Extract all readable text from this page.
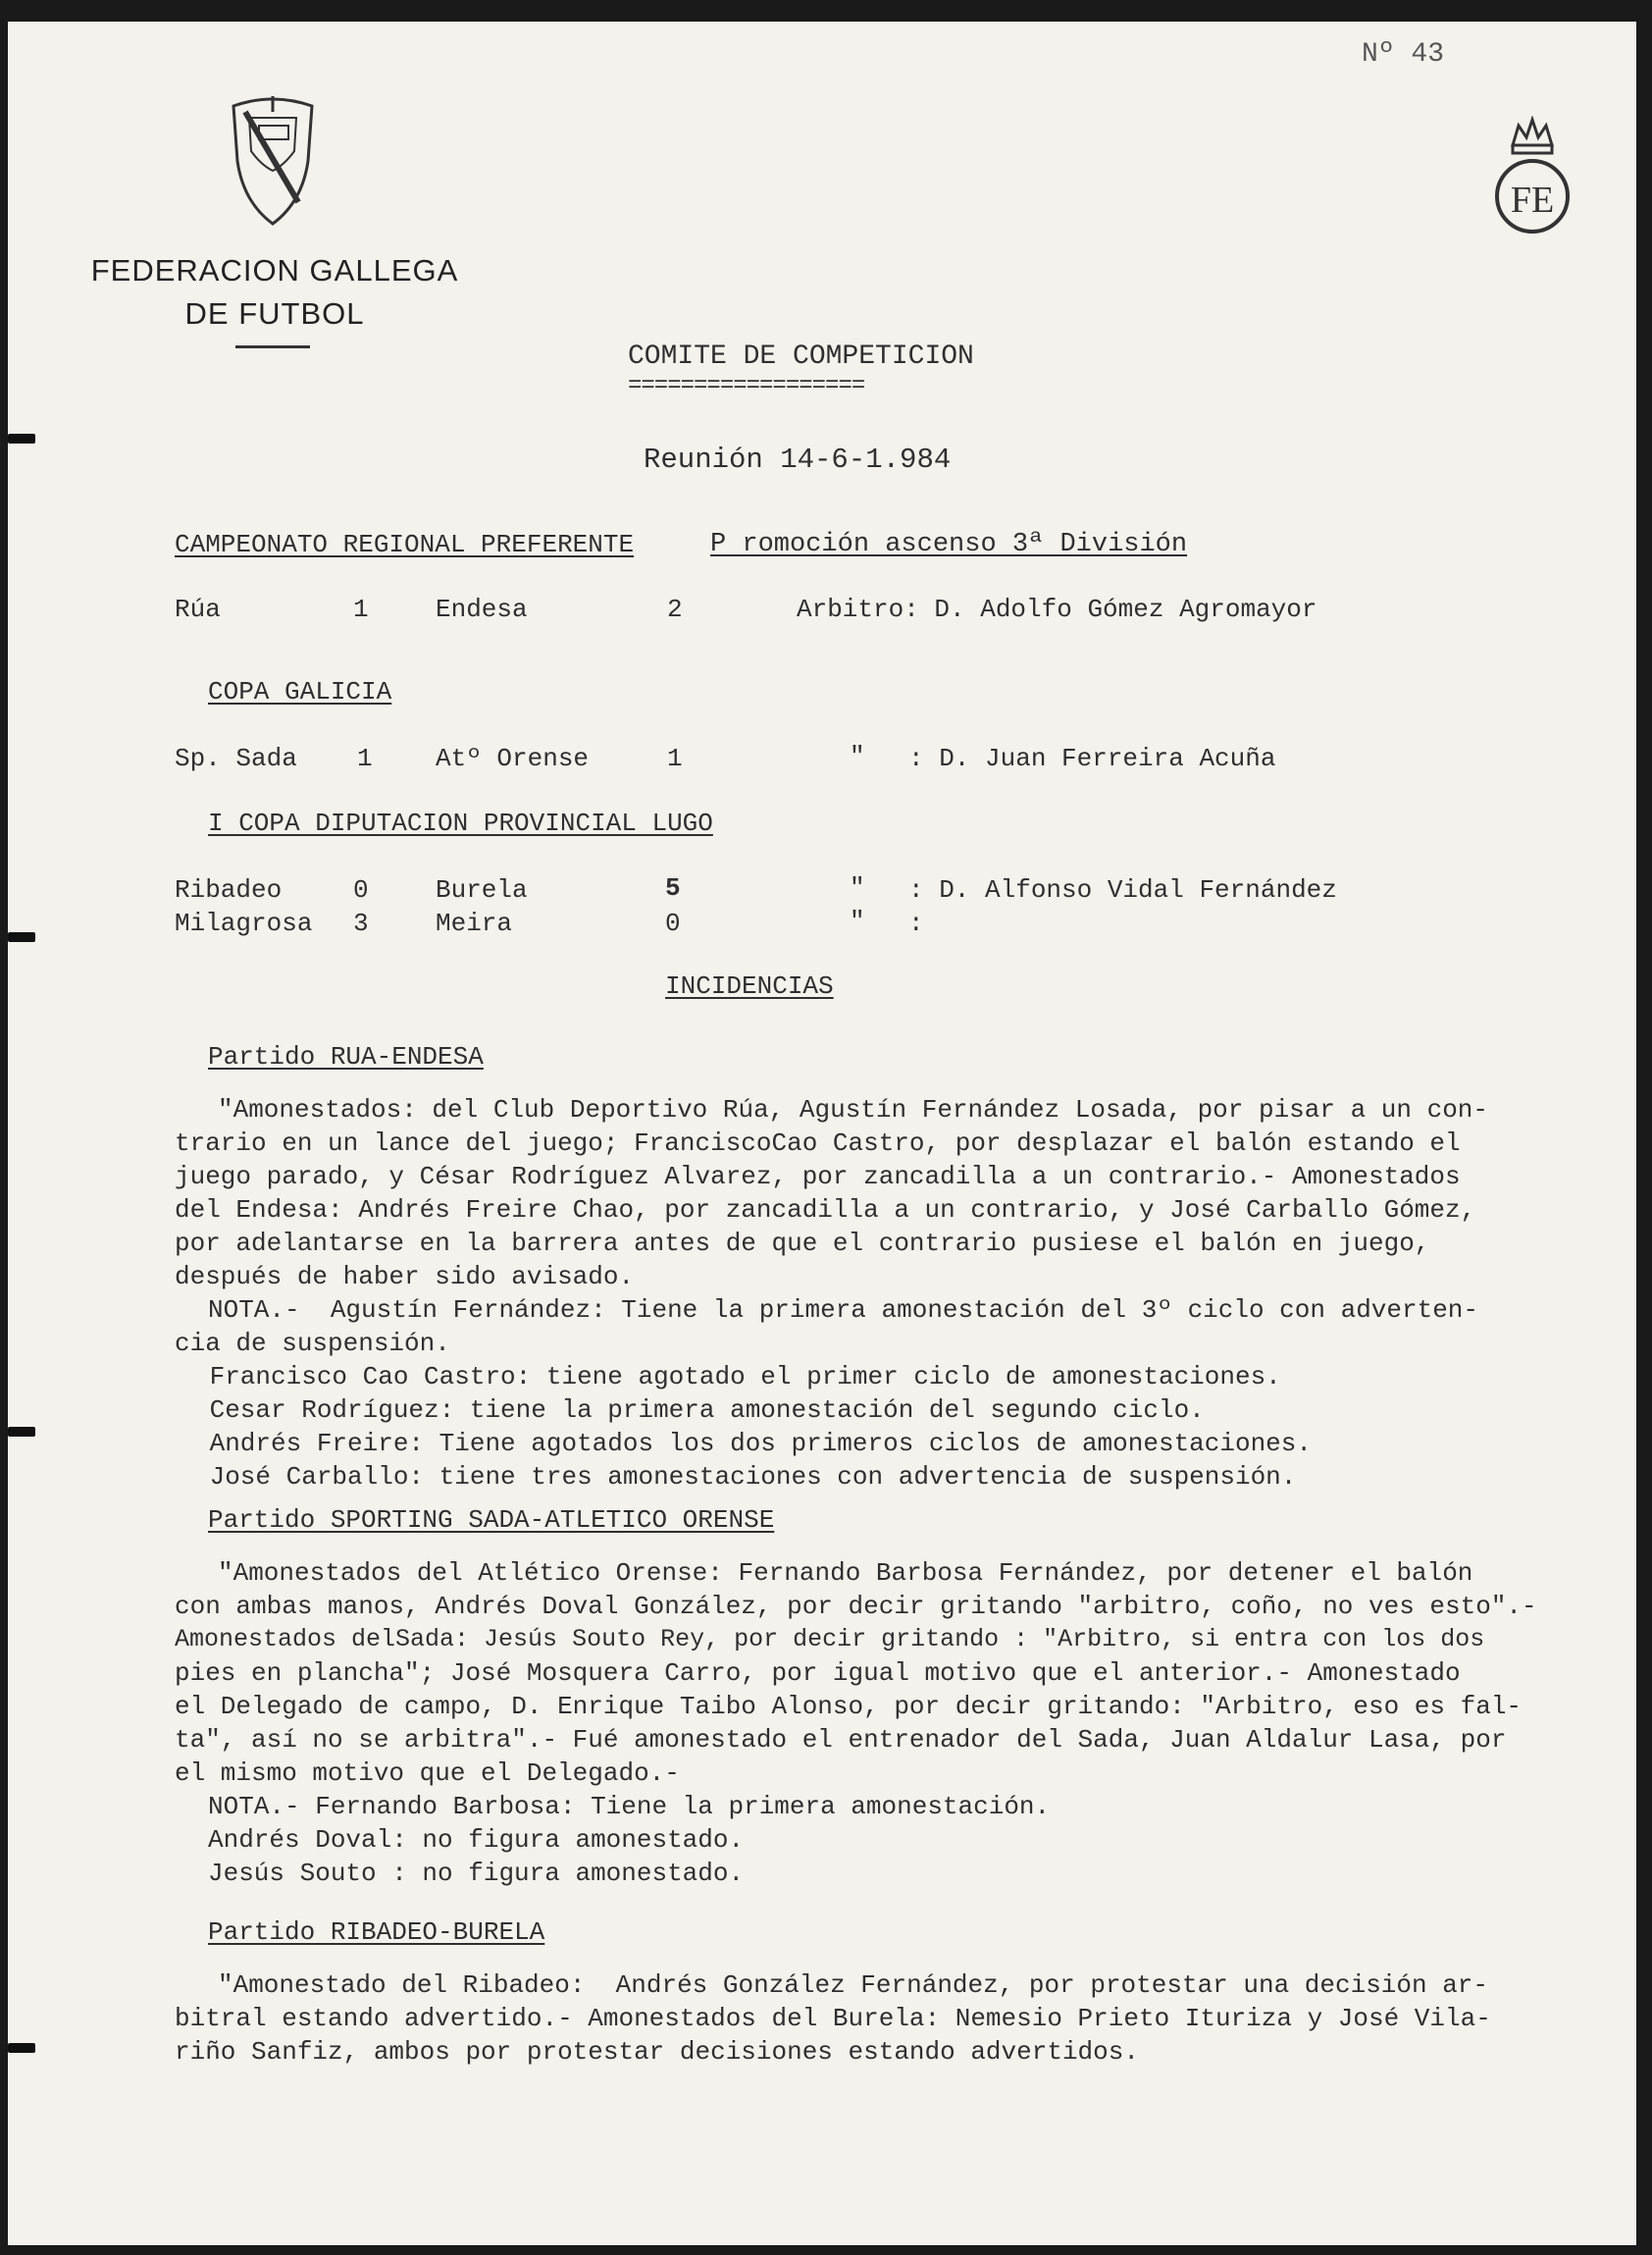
Nº 43
FEDERACION GALLEGA
DE FUTBOL
FE
COMITE DE COMPETICION
==================
Reunión 14-6-1.984
CAMPEONATO REGIONAL PREFERENTE	P romoción ascenso 3ª División
Rúa	1	Endesa	2	Arbitro: D. Adolfo Gómez Agromayor
COPA GALICIA
Sp. Sada 1 Atº Orense	1	" : D. Juan Ferreira Acuña
I COPA DIPUTACION PROVINCIAL LUGO
Ribadeo	0	Burela	5	" : D. Alfonso Vidal Fernández
Milagrosa 3	Meira	0	" :
INCIDENCIAS
Partido RUA-ENDESA
"Amonestados: del Club Deportivo Rúa, Agustín Fernández Losada, por pisar a un con-
trario en un lance del juego; FranciscoCao Castro, por desplazar el balón estando el
juego parado, y César Rodríguez Alvarez, por zancadilla a un contrario.- Amonestados
del Endesa: Andrés Freire Chao, por zancadilla a un contrario, y José Carballo Gómez,
por adelantarse en la barrera antes de que el contrario pusiese el balón en juego,
después de haber sido avisado.
NOTA.-  Agustín Fernández: Tiene la primera amonestación del 3º ciclo con adverten-
cia de suspensión.
Francisco Cao Castro: tiene agotado el primer ciclo de amonestaciones.
Cesar Rodríguez: tiene la primera amonestación del segundo ciclo.
Andrés Freire: Tiene agotados los dos primeros ciclos de amonestaciones.
José Carballo: tiene tres amonestaciones con advertencia de suspensión.
Partido SPORTING SADA-ATLETICO ORENSE
"Amonestados del Atlético Orense: Fernando Barbosa Fernández, por detener el balón
con ambas manos, Andrés Doval González, por decir gritando "arbitro, coño, no ves esto".-
Amonestados delSada: Jesús Souto Rey, por decir gritando : "Arbitro, si entra con los dos
pies en plancha"; José Mosquera Carro, por igual motivo que el anterior.- Amonestado
el Delegado de campo, D. Enrique Taibo Alonso, por decir gritando: "Arbitro, eso es fal-
ta", así no se arbitra".- Fué amonestado el entrenador del Sada, Juan Aldalur Lasa, por
el mismo motivo que el Delegado.-
NOTA.- Fernando Barbosa: Tiene la primera amonestación.
Andrés Doval: no figura amonestado.
Jesús Souto : no figura amonestado.
Partido RIBADEO-BURELA
"Amonestado del Ribadeo:  Andrés González Fernández, por protestar una decisión ar-
bitral estando advertido.- Amonestados del Burela: Nemesio Prieto Ituriza y José Vila-
riño Sanfiz, ambos por protestar decisiones estando advertidos.
